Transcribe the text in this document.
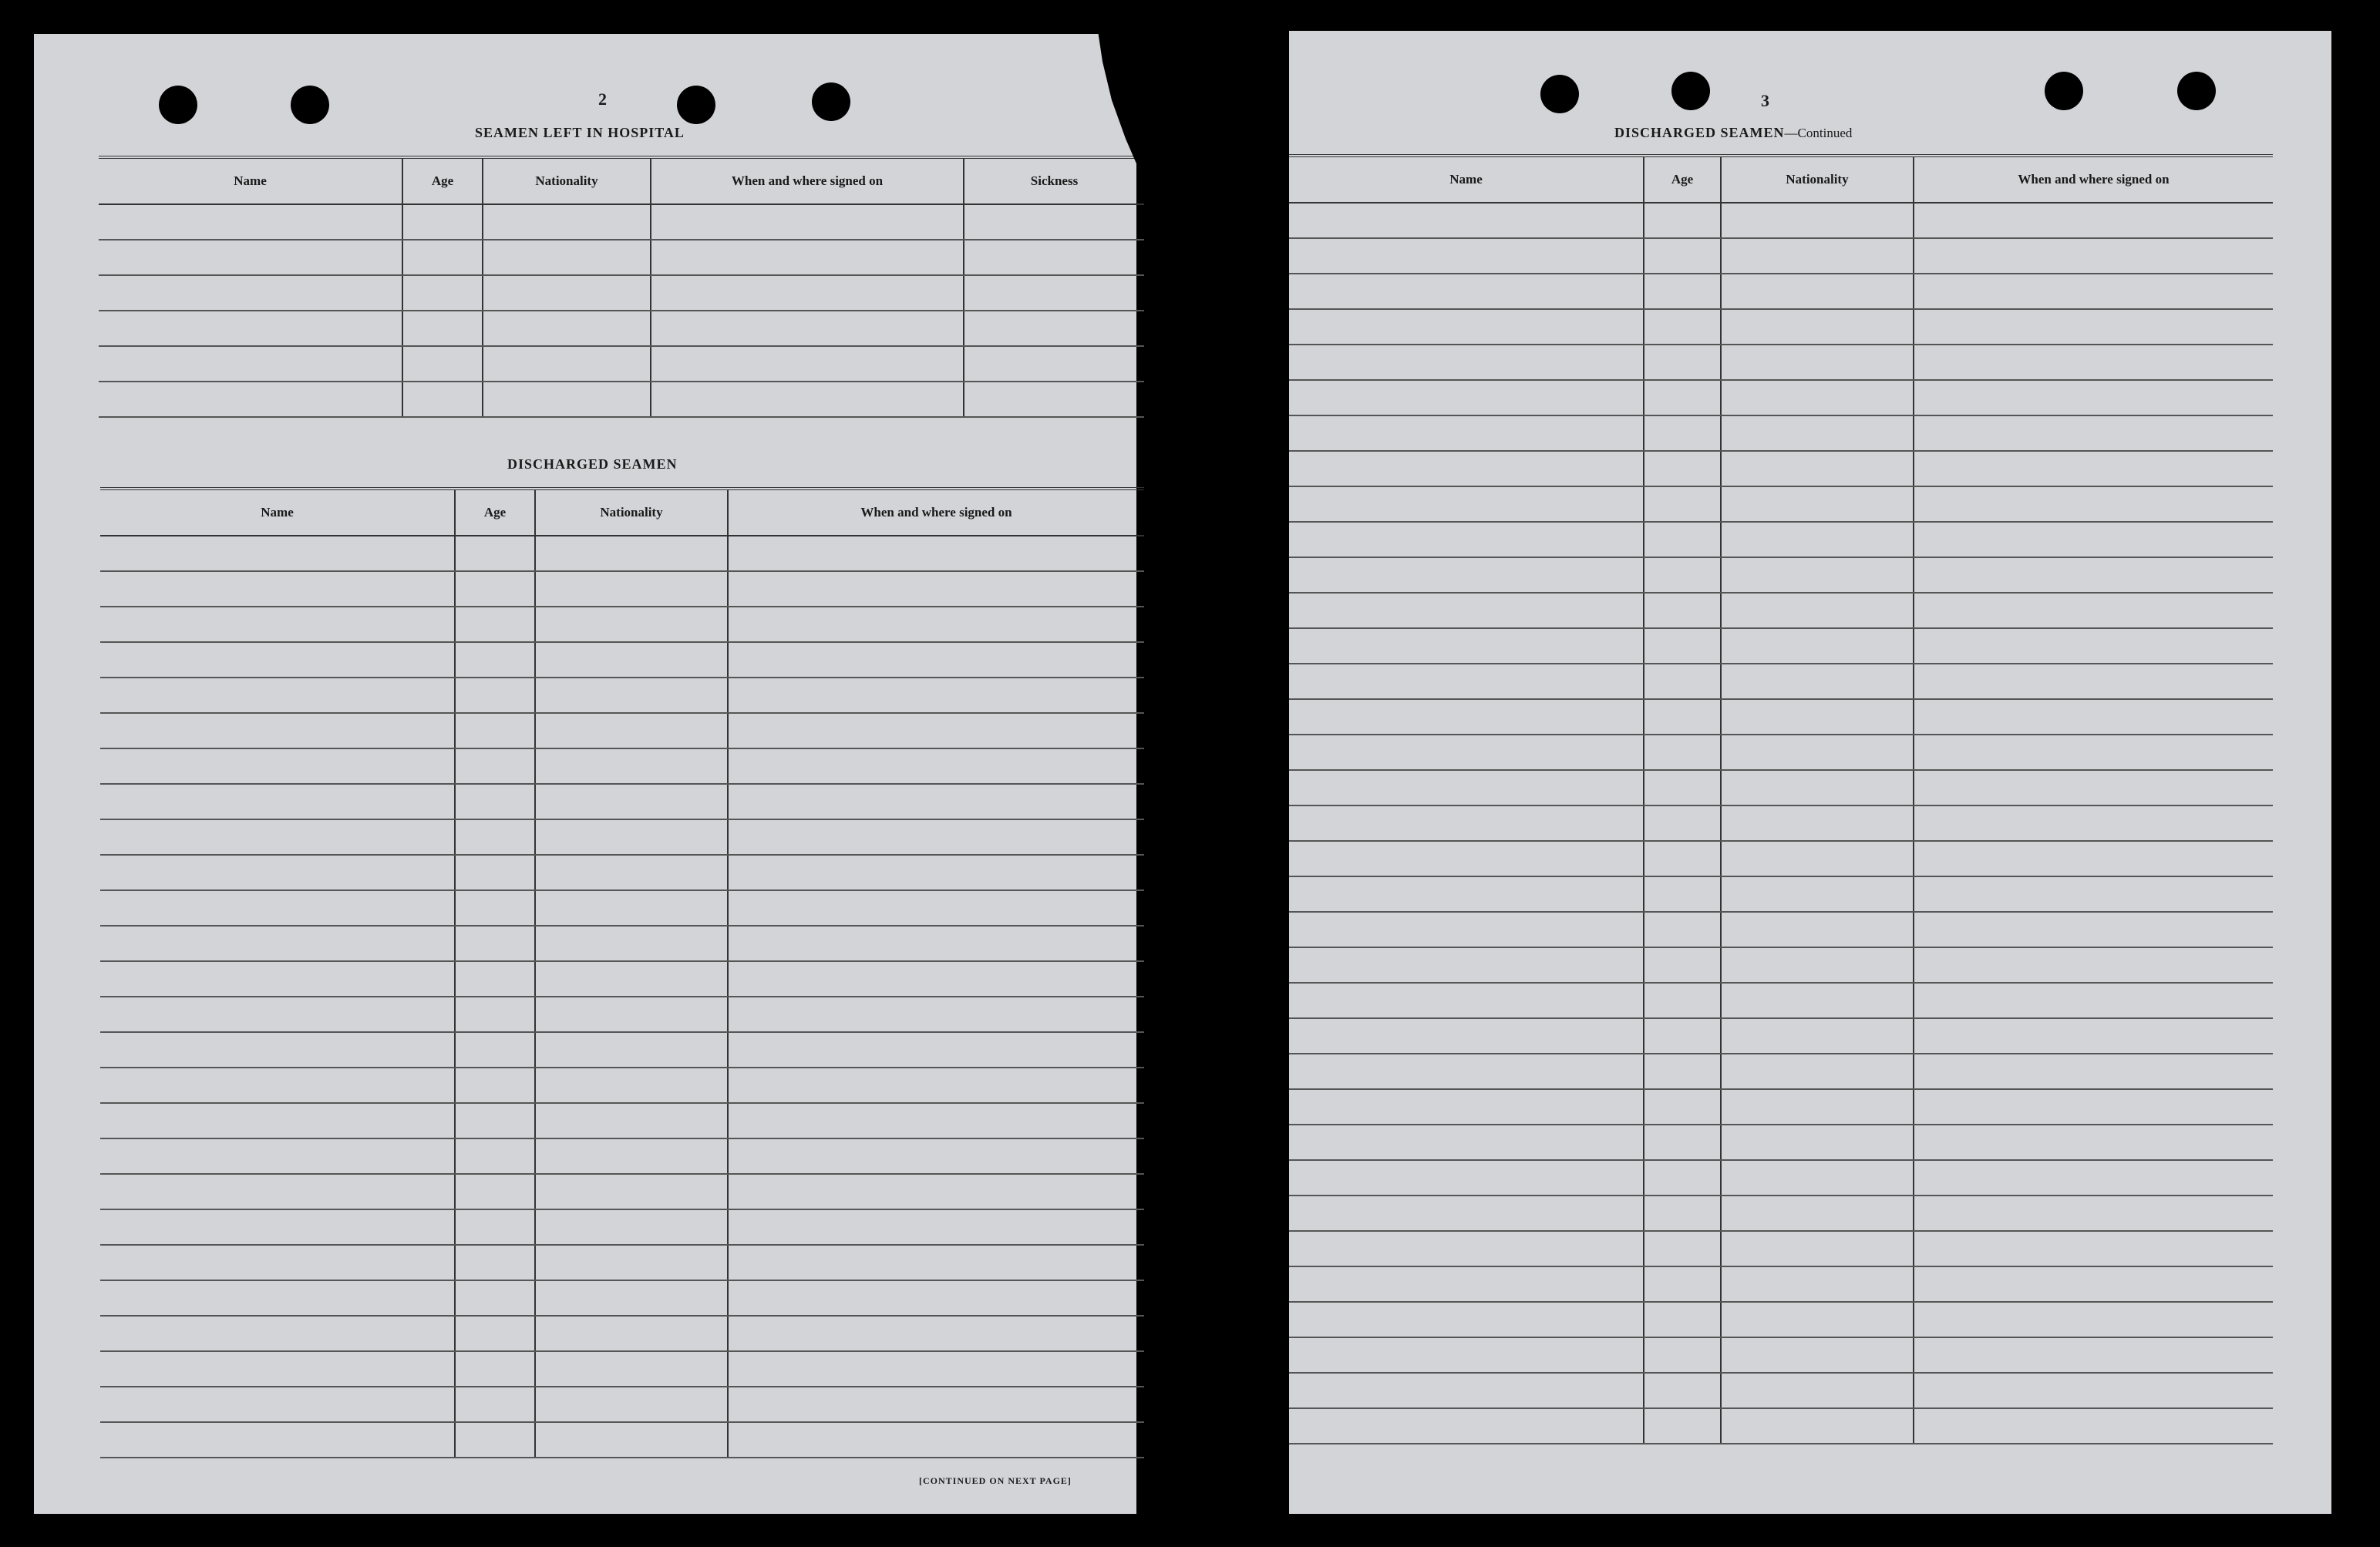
2
SEAMEN LEFT IN HOSPITAL
Name	Age	Nationality	When and where signed on	Sickness

DISCHARGED SEAMEN
Name	Age	Nationality	When and where signed on

[CONTINUED ON NEXT PAGE]
3
DISCHARGED SEAMEN—Continued
Name	Age	Nationality	When and where signed on
